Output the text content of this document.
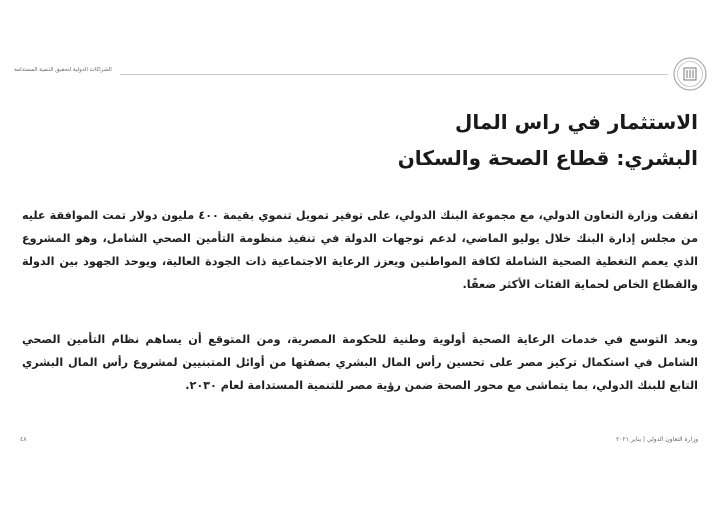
الشراكات الدولية لتحقيق التنمية المستدامة
الاستثمار في راس المال البشري: قطاع الصحة والسكان
اتفقت وزارة التعاون الدولي، مع مجموعة البنك الدولي، على توفير تمويل تنموي بقيمة ٤٠٠ مليون دولار تمت الموافقة عليه من مجلس إدارة البنك خلال يوليو الماضي، لدعم توجهات الدولة في تنفيذ منظومة التأمين الصحي الشامل، وهو المشروع الذي يعمم التغطية الصحية الشاملة لكافة المواطنين ويعزز الرعاية الاجتماعية ذات الجودة العالية، ويوحد الجهود بين الدولة والقطاع الخاص لحماية الفئات الأكثر ضعفًا.
ويعد التوسع في خدمات الرعاية الصحية أولوية وطنية للحكومة المصرية، ومن المتوقع أن يساهم نظام التأمين الصحي الشامل في استكمال تركيز مصر على تحسين رأس المال البشري بصفتها من أوائل المتبنيين لمشروع رأس المال البشري التابع للبنك الدولي، بما يتماشى مع محور الصحة ضمن رؤية مصر للتنمية المستدامة لعام ٢٠٣٠.
٤٨	وزارة التعاون الدولي | يناير ٢٠٢١
